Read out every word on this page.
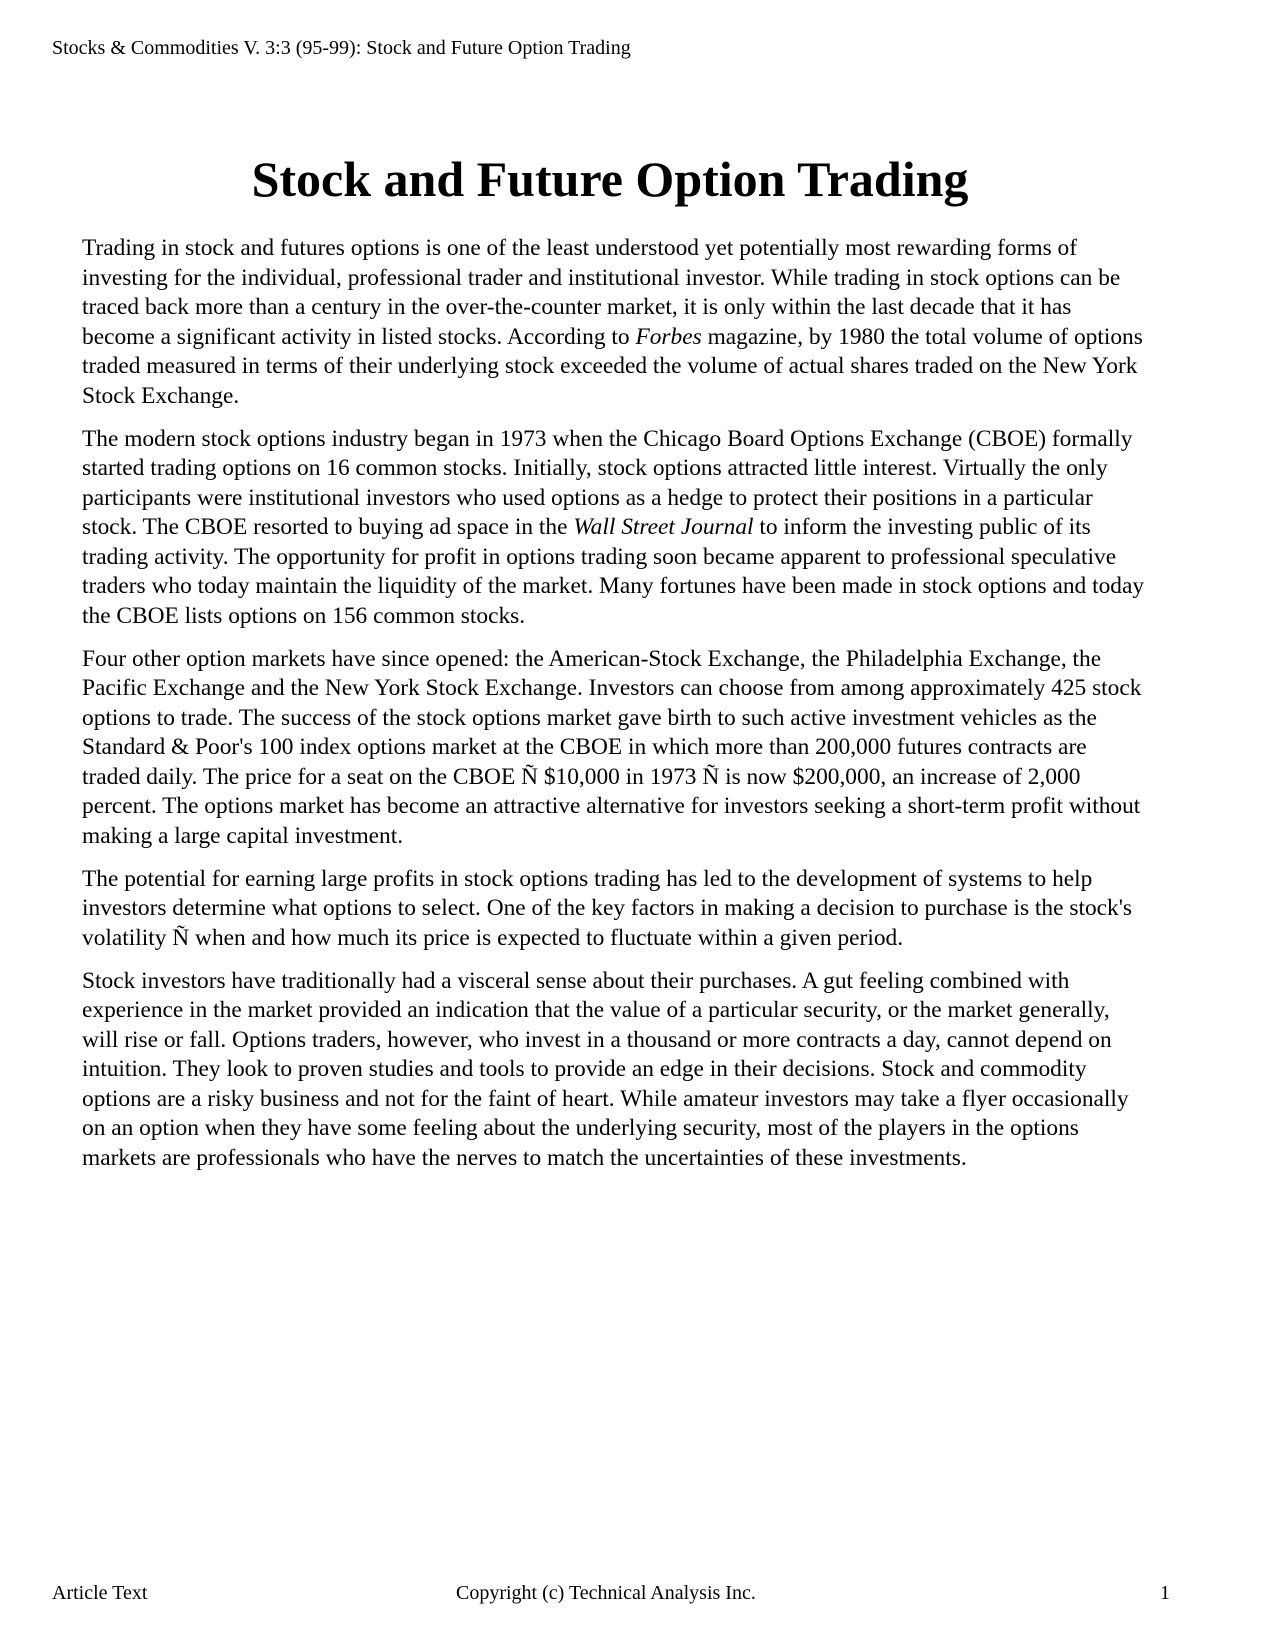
Stocks & Commodities V. 3:3 (95-99): Stock and Future Option Trading
Stock and Future Option Trading

Trading in stock and futures options is one of the least understood yet potentially most rewarding forms of investing for the individual, professional trader and institutional investor. While trading in stock options can be traced back more than a century in the over-the-counter market, it is only within the last decade that it has become a significant activity in listed stocks. According to Forbes magazine, by 1980 the total volume of options traded measured in terms of their underlying stock exceeded the volume of actual shares traded on the New York Stock Exchange.

The modern stock options industry began in 1973 when the Chicago Board Options Exchange (CBOE) formally started trading options on 16 common stocks. Initially, stock options attracted little interest. Virtually the only participants were institutional investors who used options as a hedge to protect their positions in a particular stock. The CBOE resorted to buying ad space in the Wall Street Journal to inform the investing public of its trading activity. The opportunity for profit in options trading soon became apparent to professional speculative traders who today maintain the liquidity of the market. Many fortunes have been made in stock options and today the CBOE lists options on 156 common stocks.

Four other option markets have since opened: the American-Stock Exchange, the Philadelphia Exchange, the Pacific Exchange and the New York Stock Exchange. Investors can choose from among approximately 425 stock options to trade. The success of the stock options market gave birth to such active investment vehicles as the Standard & Poor's 100 index options market at the CBOE in which more than 200,000 futures contracts are traded daily. The price for a seat on the CBOE Ñ $10,000 in 1973 Ñ is now $200,000, an increase of 2,000 percent. The options market has become an attractive alternative for investors seeking a short-term profit without making a large capital investment.

The potential for earning large profits in stock options trading has led to the development of systems to help investors determine what options to select. One of the key factors in making a decision to purchase is the stock's volatility Ñ when and how much its price is expected to fluctuate within a given period.

Stock investors have traditionally had a visceral sense about their purchases. A gut feeling combined with experience in the market provided an indication that the value of a particular security, or the market generally, will rise or fall. Options traders, however, who invest in a thousand or more contracts a day, cannot depend on intuition. They look to proven studies and tools to provide an edge in their decisions. Stock and commodity options are a risky business and not for the faint of heart. While amateur investors may take a flyer occasionally on an option when they have some feeling about the underlying security, most of the players in the options markets are professionals who have the nerves to match the uncertainties of these investments.

Article Text	Copyright (c) Technical Analysis Inc.	1
